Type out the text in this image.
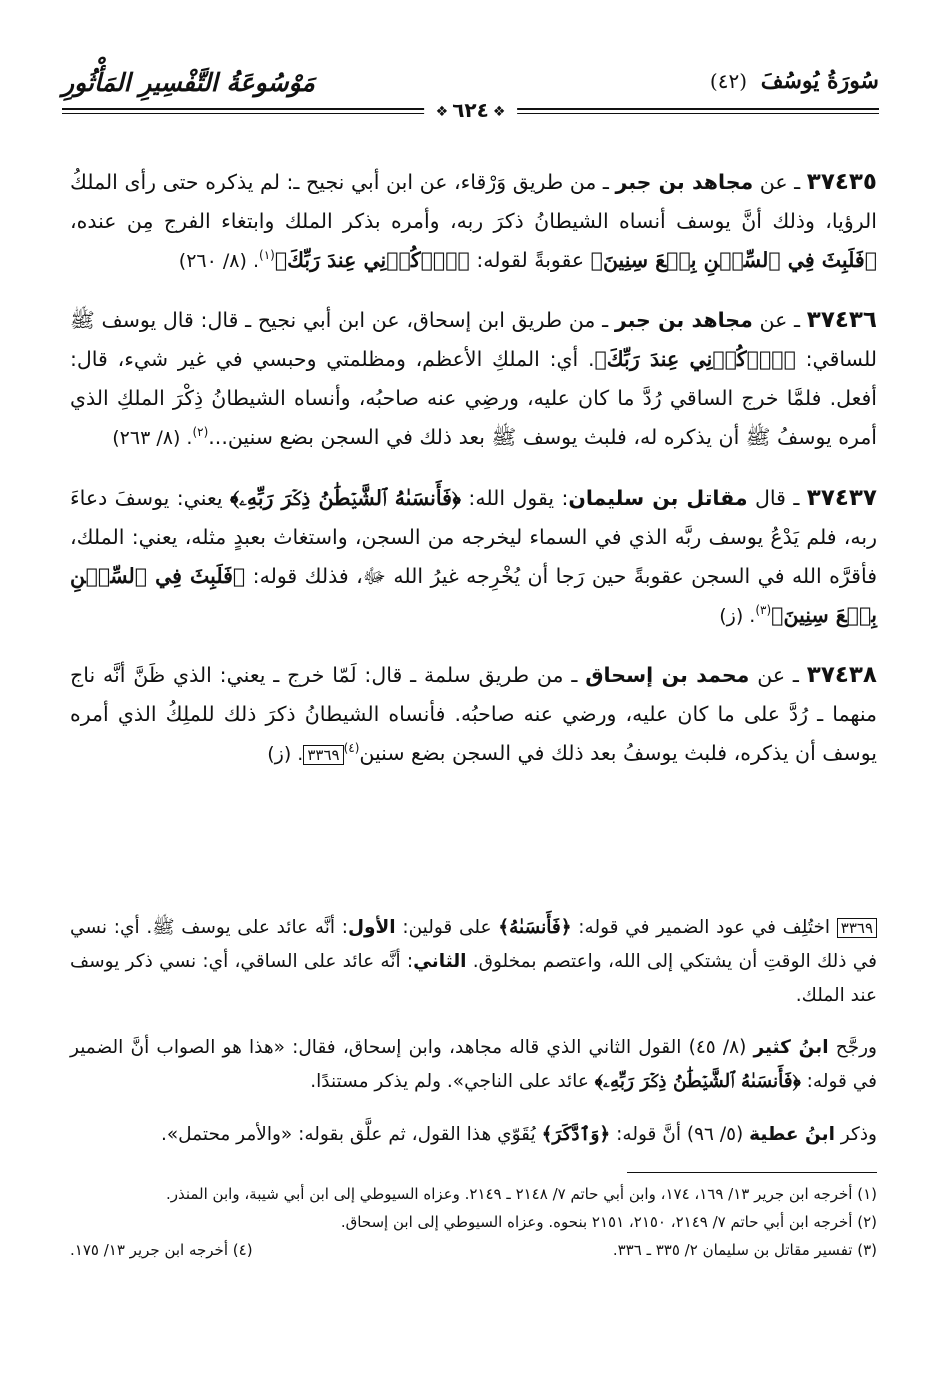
سُورَةُ يُوسُفَ (٤٢)
مَوْسُوعَةُ التَّفْسِيرِ المَأْثُورِ
❖٦٢٤❖

٣٧٤٣٥ ـ عن مجاهد بن جبر ـ من طريق وَرْقاء، عن ابن أبي نجيح ـ: لم يذكره حتى رأى الملكُ الرؤيا، وذلك أنَّ يوسف أنساه الشيطانُ ذكرَ ربه، وأمره بذكر الملك وابتغاء الفرج مِن عنده، ﴿فَلَبِثَ فِي ٱلسِّجۡنِ بِضۡعَ سِنِينَ﴾ عقوبةً لقوله: ﴿ٱذۡكُرۡنِي عِندَ رَبِّكَ﴾$^{(١)}$. (٨/ ٢٦٠)

٣٧٤٣٦ ـ عن مجاهد بن جبر ـ من طريق ابن إسحاق، عن ابن أبي نجيح ـ قال: قال يوسف ﷺ للساقي: ﴿ٱذۡكُرۡنِي عِندَ رَبِّكَ﴾. أي: الملكِ الأعظم، ومظلمتي وحبسي في غير شيء، قال: أفعل. فلمَّا خرج الساقي رُدَّ ما كان عليه، ورضِي عنه صاحبُه، وأنساه الشيطانُ ذِكْرَ الملكِ الذي أمره يوسفُ ﷺ أن يذكره له، فلبث يوسف ﷺ بعد ذلك في السجن بضع سنين...$^{(٢)}$. (٨/ ٢٦٣)

٣٧٤٣٧ ـ قال مقاتل بن سليمان: يقول الله: ﴿فَأَنسَىٰهُ ٱلشَّيۡطَٰنُ ذِكۡرَ رَبِّهِۦ﴾ يعني: يوسفَ دعاءَ ربه، فلم يَدْعُ يوسف ربَّه الذي في السماء ليخرجه من السجن، واستغاث بعبدٍ مثله، يعني: الملك، فأقرَّه الله في السجن عقوبةً حين رَجا أن يُخْرِجه غيرُ الله ﷻ، فذلك قوله: ﴿فَلَبِثَ فِي ٱلسِّجۡنِ بِضۡعَ سِنِينَ﴾$^{(٣)}$. (ز)

٣٧٤٣٨ ـ عن محمد بن إسحاق ـ من طريق سلمة ـ قال: لَمّا خرج ـ يعني: الذي ظَنَّ أنَّه ناج منهما ـ رُدَّ على ما كان عليه، ورضي عنه صاحبُه. فأنساه الشيطانُ ذكرَ ذلك للملِكُ الذي أمره يوسف أن يذكره، فلبث يوسفُ بعد ذلك في السجن بضع سنين$^{(٤)}$٣٣٦٩. (ز)

٣٣٦٩ اختُلِف في عود الضمير في قوله: ﴿فَأَنسَىٰهُ﴾ على قولين: الأول: أنَّه عائد على يوسف ﷺ. أي: نسي في ذلك الوقتِ أن يشتكي إلى الله، واعتصم بمخلوق. الثاني: أنَّه عائد على الساقي، أي: نسي ذكر يوسف عند الملك.

ورجَّح ابنُ كثير (٨/ ٤٥) القول الثاني الذي قاله مجاهد، وابن إسحاق، فقال: «هذا هو الصواب أنَّ الضمير في قوله: ﴿فَأَنسَىٰهُ ٱلشَّيۡطَٰنُ ذِكۡرَ رَبِّهِۦ﴾ عائد على الناجي». ولم يذكر مستندًا.

وذكر ابنُ عطية (٥/ ٩٦) أنَّ قوله: ﴿وَٱدَّكَرَ﴾ يُقَوّي هذا القول، ثم علَّق بقوله: «والأمر محتمل».

(١) أخرجه ابن جرير ١٣/ ١٦٩، ١٧٤، وابن أبي حاتم ٧/ ٢١٤٨ ـ ٢١٤٩. وعزاه السيوطي إلى ابن أبي شيبة، وابن المنذر.
(٢) أخرجه ابن أبي حاتم ٧/ ٢١٤٩، ٢١٥٠، ٢١٥١ بنحوه. وعزاه السيوطي إلى ابن إسحاق.
(٣) تفسير مقاتل بن سليمان ٢/ ٣٣٥ ـ ٣٣٦.
(٤) أخرجه ابن جرير ١٣/ ١٧٥.
